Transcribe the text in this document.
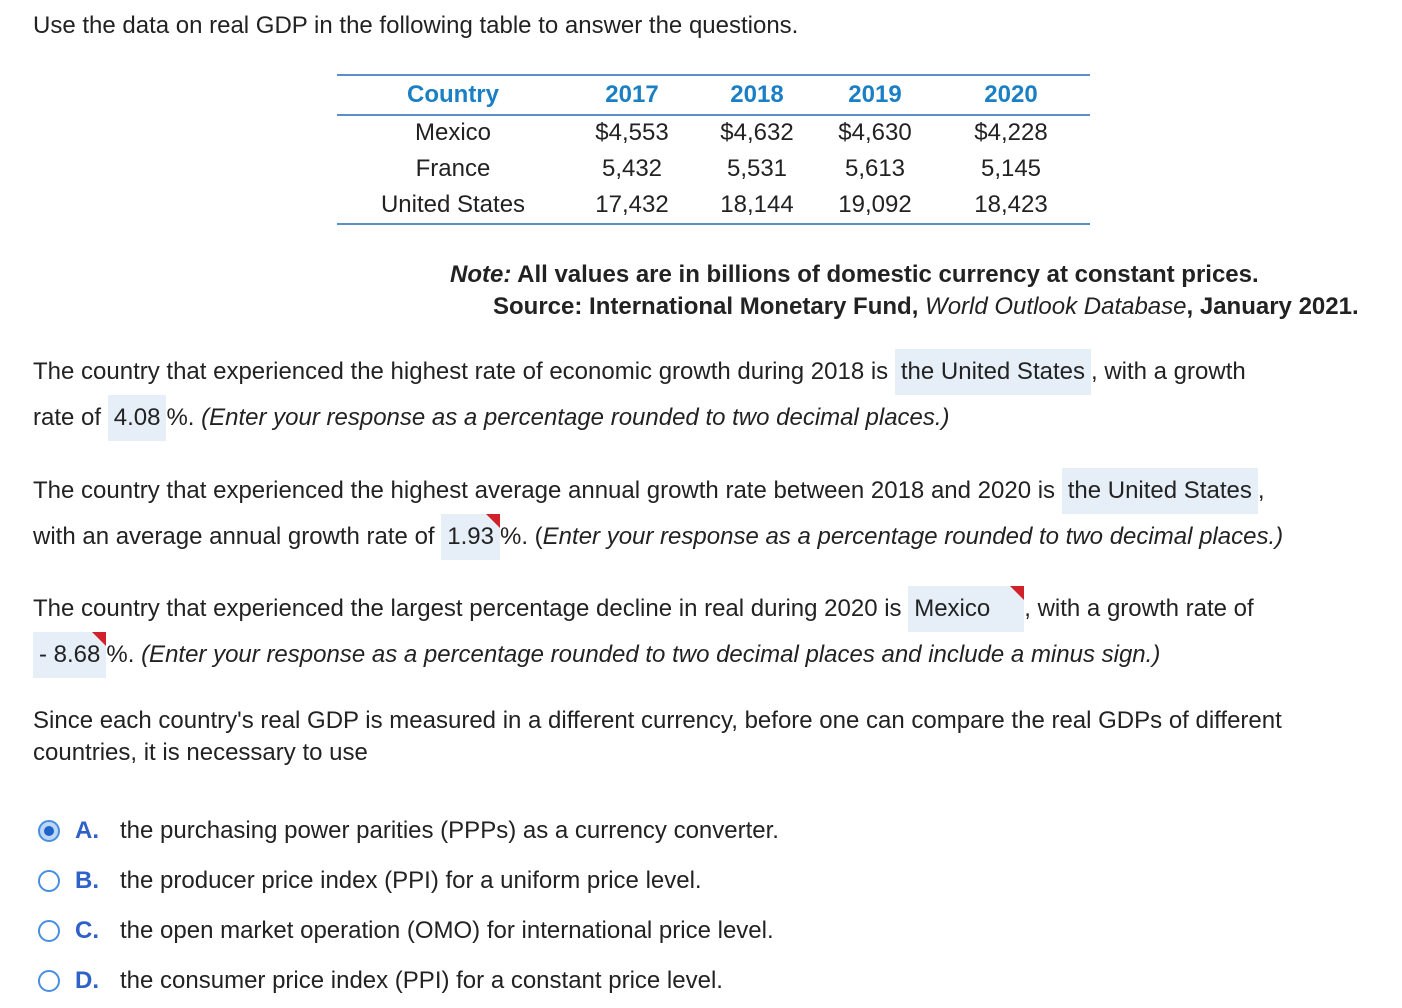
Use the data on real GDP in the following table to answer the questions.
Country	2017	2018	2019	2020
Mexico	$4,553 $4,632 $4,630	$4,228
France	5,432	5,531 5,613	5,145
United States	17,432 18,144 19,092	18,423
Note: All values are in billions of domestic currency at constant prices.
Source: International Monetary Fund, World Outlook Database, January 2021.
The country that experienced the highest rate of economic growth during 2018 is the United States , with a growth
rate of 4.08 %. (Enter your response as a percentage rounded to two decimal places.)
The country that experienced the highest average annual growth rate between 2018 and 2020 is the United States ,
with an average annual growth rate of 1.93 %. (Enter your response as a percentage rounded to two decimal places.)
The country that experienced the largest percentage decline in real during 2020 is Mexico , with a growth rate of
- 8.68 %. (Enter your response as a percentage rounded to two decimal places and include a minus sign.)
Since each country's real GDP is measured in a different currency, before one can compare the real GDPs of different
countries, it is necessary to use
A. the purchasing power parities (PPPs) as a currency converter.
B. the producer price index (PPI) for a uniform price level.
C. the open market operation (OMO) for international price level.
D. the consumer price index (PPI) for a constant price level.
